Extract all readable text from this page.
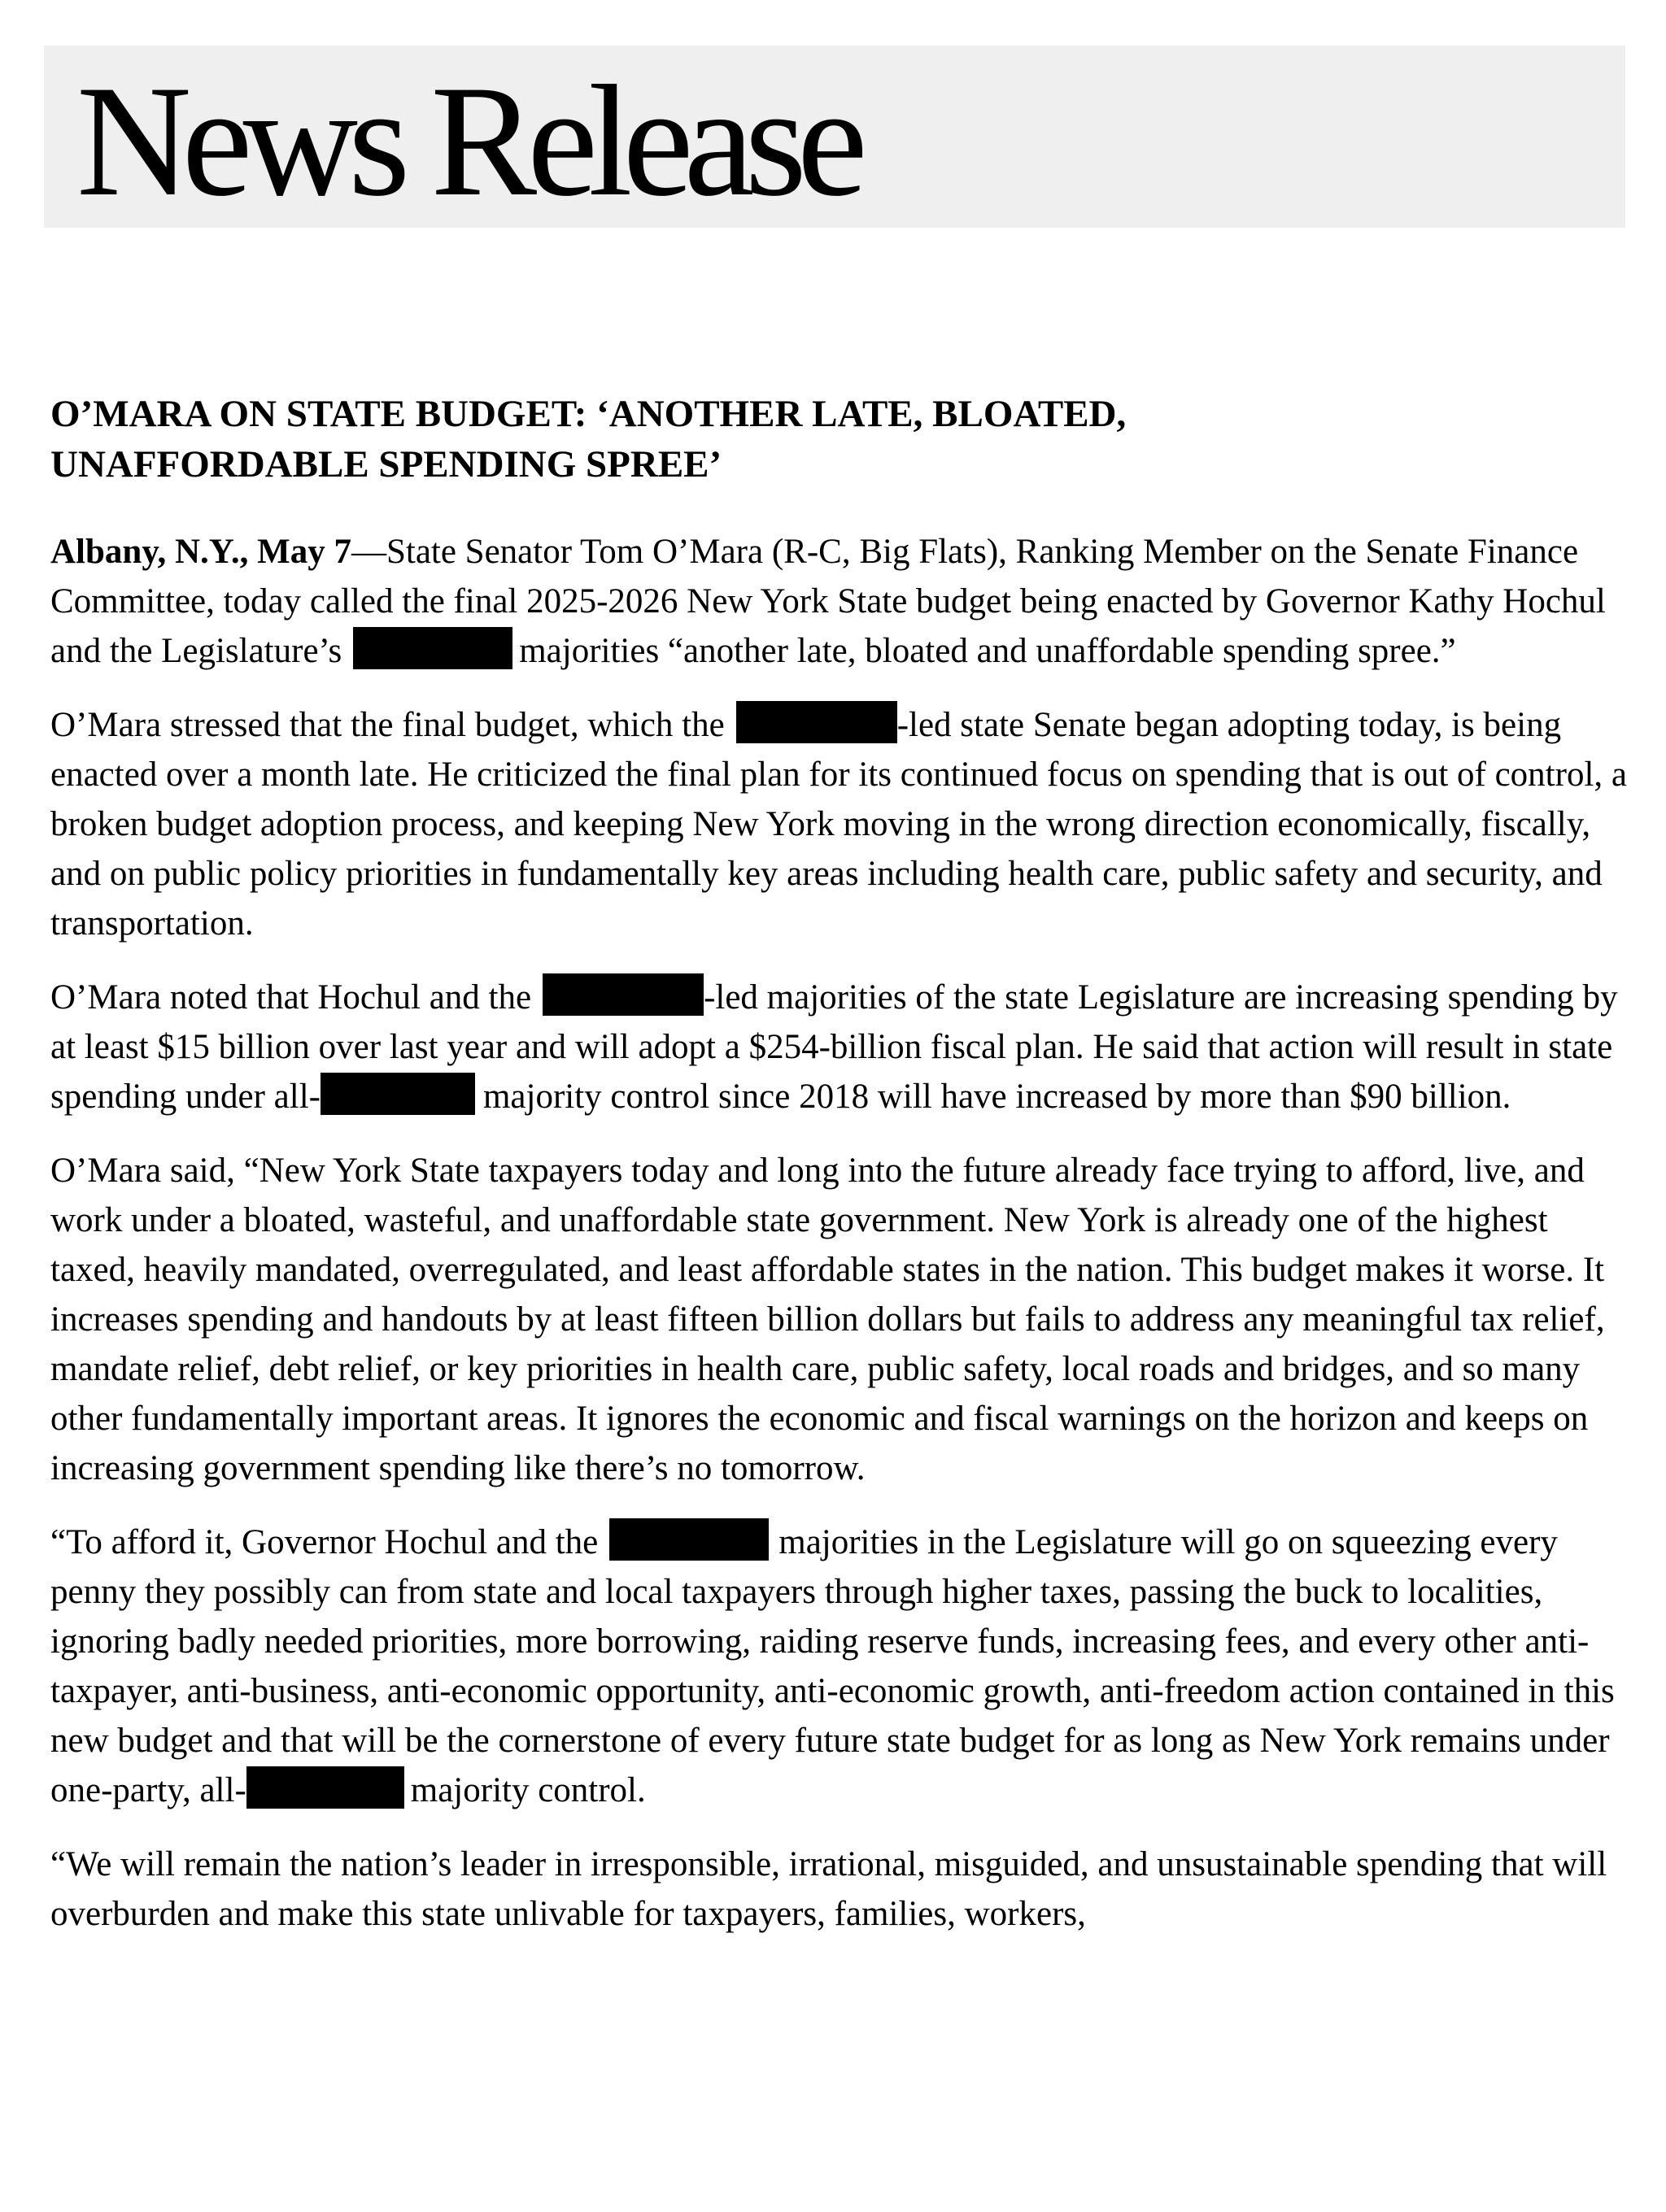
News Release
O’MARA ON STATE BUDGET: ‘ANOTHER LATE, BLOATED,
UNAFFORDABLE SPENDING SPREE’

Albany, N.Y., May 7—State Senator Tom O’Mara (R-C, Big Flats), Ranking Member on the Senate Finance Committee, today called the final 2025-2026 New York State budget being enacted by Governor Kathy Hochul and the Legislature’s	majorities “another late, bloated and unaffordable spending spree.”

O’Mara stressed that the final budget, which the	-led state Senate began adopting today, is being enacted over a month late. He criticized the final plan for its continued focus on spending that is out of control, a broken budget adoption process, and keeping New York moving in the wrong direction economically, fiscally, and on public policy priorities in fundamentally key areas including health care, public safety and security, and transportation.

O’Mara noted that Hochul and the	-led majorities of the state Legislature are increasing spending by at least $15 billion over last year and will adopt a $254-billion fiscal plan. He said that action will result in state spending under all-	majority control since 2018 will have increased by more than $90 billion.

O’Mara said, “New York State taxpayers today and long into the future already face trying to afford, live, and work under a bloated, wasteful, and unaffordable state government. New York is already one of the highest taxed, heavily mandated, overregulated, and least affordable states in the nation. This budget makes it worse. It increases spending and handouts by at least fifteen billion dollars but fails to address any meaningful tax relief, mandate relief, debt relief, or key priorities in health care, public safety, local roads and bridges, and so many other fundamentally important areas. It ignores the economic and fiscal warnings on the horizon and keeps on increasing government spending like there’s no tomorrow.

“To afford it, Governor Hochul and the	majorities in the Legislature will go on squeezing every penny they possibly can from state and local taxpayers through higher taxes, passing the buck to localities, ignoring badly needed priorities, more borrowing, raiding reserve funds, increasing fees, and every other anti-taxpayer, anti-business, anti-economic opportunity, anti-economic growth, anti-freedom action contained in this new budget and that will be the cornerstone of every future state budget for as long as New York remains under one-party, all-	majority control.

“We will remain the nation’s leader in irresponsible, irrational, misguided, and unsustainable spending that will overburden and make this state unlivable for taxpayers, families, workers,
